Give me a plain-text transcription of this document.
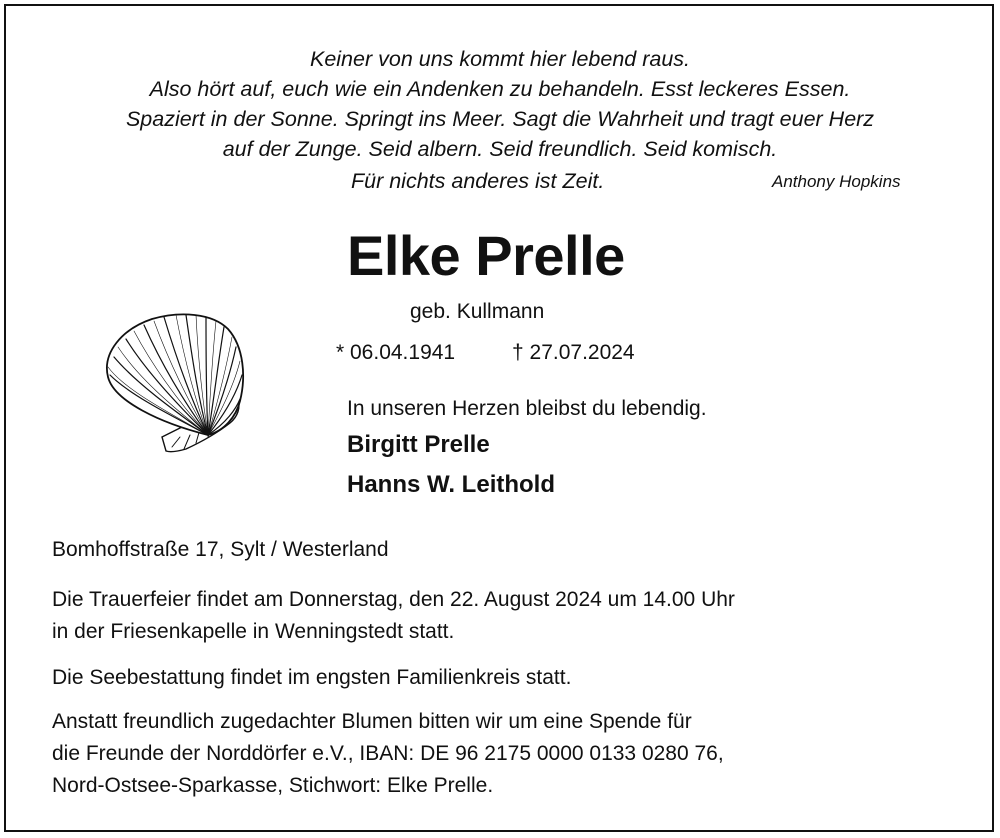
Keiner von uns kommt hier lebend raus.
Also hört auf, euch wie ein Andenken zu behandeln. Esst leckeres Essen.
Spaziert in der Sonne. Springt ins Meer. Sagt die Wahrheit und tragt euer Herz
auf der Zunge. Seid albern. Seid freundlich. Seid komisch.
Für nichts anderes ist Zeit.	Anthony Hopkins
Elke Prelle
geb. Kullmann
* 06.04.1941	† 27.07.2024
In unseren Herzen bleibst du lebendig.
Birgitt Prelle
Hanns W. Leithold
Bomhoffstraße 17, Sylt / Westerland
Die Trauerfeier findet am Donnerstag, den 22. August 2024 um 14.00 Uhr
in der Friesenkapelle in Wenningstedt statt.
Die Seebestattung findet im engsten Familienkreis statt.
Anstatt freundlich zugedachter Blumen bitten wir um eine Spende für
die Freunde der Norddörfer e.V., IBAN: DE 96 2175 0000 0133 0280 76,
Nord-Ostsee-Sparkasse, Stichwort: Elke Prelle.
